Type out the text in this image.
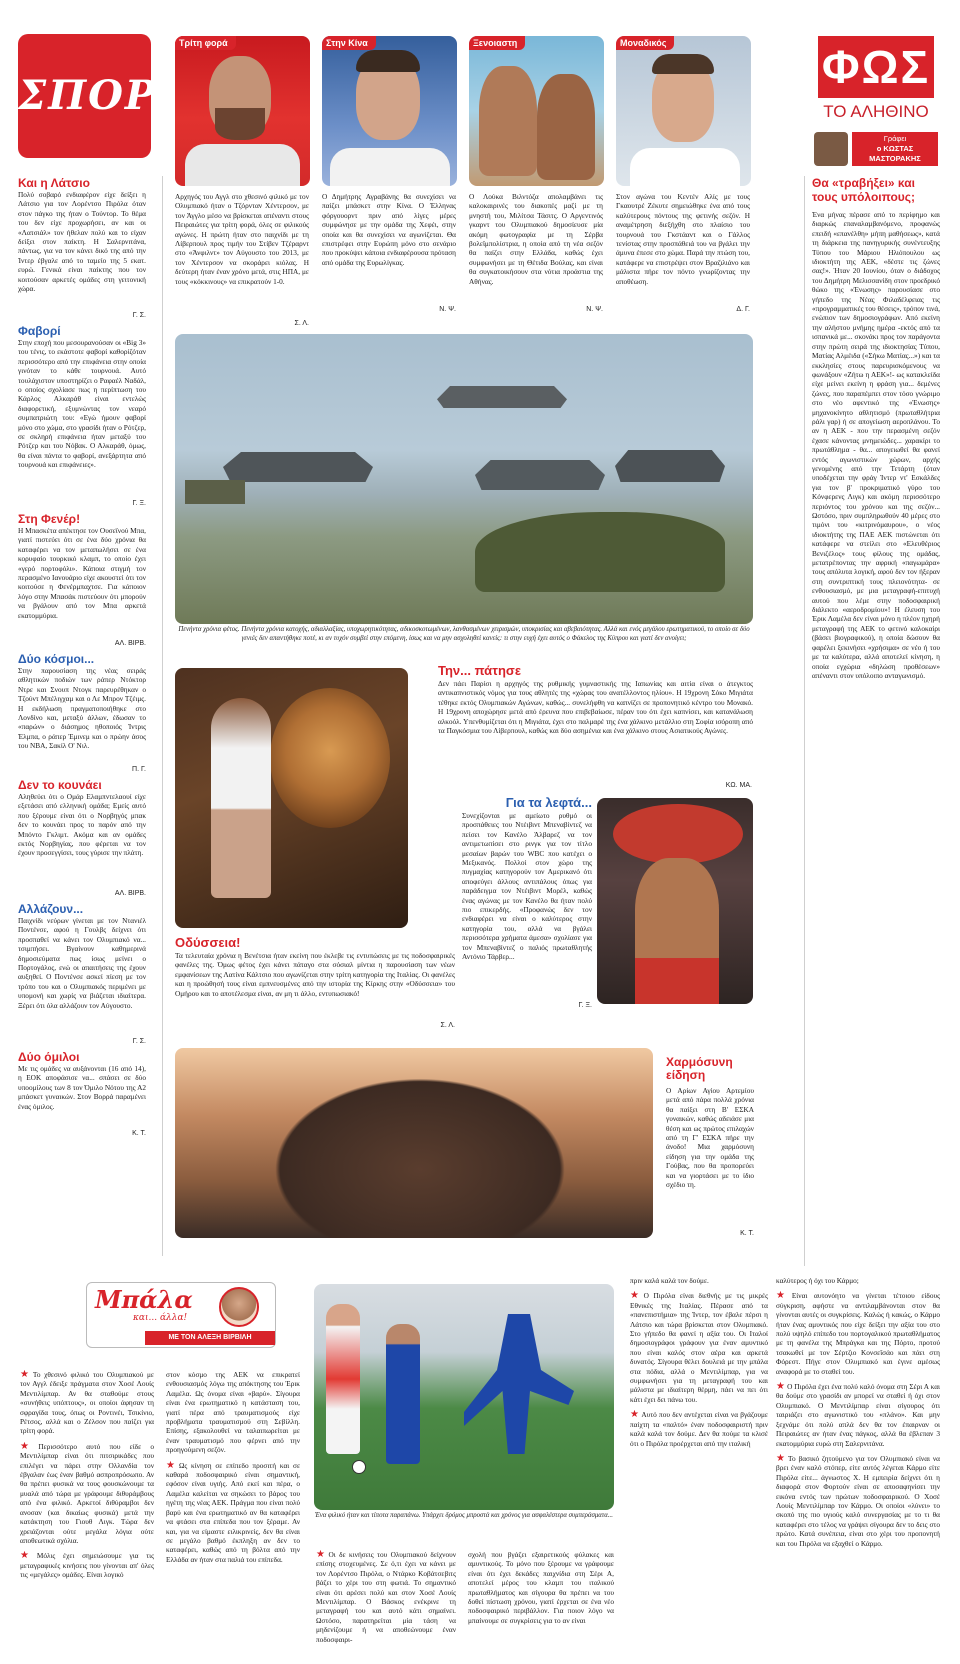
ΣΠΟΡ
Και η Λάτσιο
Πολύ σοβαρό ενδιαφέρον είχε δείξει η Λάτσιο για τον Λορέντσο Πιρόλα όταν στον πάγκο της ήταν ο Τούντορ. Το θέμα του δεν είχε προχωρήσει, αν και οι «Λατσιάλ» τον ήθελαν πολύ και το είχαν δείξει στον παίκτη. Η Σαλερνιτάνα, πάντως, για να τον κάνει δικό της από την Ίντερ έβγαλε από το ταμείο της 5 εκατ. ευρώ. Γενικά είναι παίκτης που τον κοιτούσαν αρκετές ομάδες στη γειτονική χώρα.
Γ. Σ.
Φαβορί
Στην εποχή που μεσουρανούσαν οι «Big 3» του τένις, το εκάστοτε φαβορί καθορίζόταν περισσότερο από την επιφάνεια στην οποία γινόταν το κάθε τουρνουά. Αυτό τουλάχιστον υποστηρίζει ο Ραφαέλ Ναδάλ, ο οποίος σχολίασε πως η περίπτωση του Κάρλος Αλκαράθ είναι εντελώς διαφορετική, εξυμνώντας τον νεαρό συμπατριώτη του: «Εγώ ήμουν φαβορί μόνο στο χώμα, στο γρασίδι ήταν ο Ρότζερ, σε σκληρή επιφάνεια ήταν μεταξύ του Ρότζερ και του Νόβακ. Ο Αλκαράθ, όμως, θα είναι πάντα το φαβορί, ανεξάρτητα από τουρνουά και επιφάνειες».
Γ. Ξ.
Στη Φενέρ!
Η Μπασκέτα απέκτησε τον Ουσεϊνού Μπα, γιατί πιστεύει ότι σε ένα δύο χρόνια θα καταφέρει να τον μεταπωλήσει σε ένα κορυφαίο τουρκικό κλαμπ, το οποίο έχει «γερό πορτοφόλι». Κάποια στιγμή τον περασμένο Ιανουάριο είχε ακουστεί ότι τον κοιτούσε η Φενέρμπαχτσε. Για κάποιον λόγο στην Μπασάκ πιστεύουν ότι μπορούν να βγάλουν από τον Μπα αρκετά εκατομμύρια.
ΑΛ. ΒΙΡΒ.
Δύο κόσμοι...
Στην παρουσίαση της νέας σειράς αθλητικών ποδιών των ράπερ Ντόκτορ Ντρε και Σνουπ Ντογκ παρευρέθηκαν ο Τζούντ Μπέλιγχαμ και ο Λε Μπρον Τζέιμς. Η εκδήλωση πραγματοποιήθηκε στο Λονδίνο και, μεταξύ άλλων, έδωσαν το «παρών» ο διάσημος ηθοποιός Ίντρις Έλμπα, ο ράπερ Έμινεμ και ο πρώην άσος του NBA, Σακίλ Ο' Νιλ.
Π. Γ.
Δεν το κουνάει
Αληθεύει ότι ο Ομάρ Ελαμπντελαουί είχε εξετάσει από ελληνική ομάδα; Εμείς αυτό που ξέρουμε είναι ότι ο Νορβηγός μπακ δεν το κουνάει προς το παρόν από την Μπόντο Γκλιμτ. Ακόμα και αν ομάδες εκτός Νορβηγίας, που φέρεται να τον έχουν προσεγγίσει, τους γύρισε την πλάτη.
ΑΛ. ΒΙΡΒ.
Αλλάζουν...
Παιχνίδι νεύρων γίνεται με τον Ντανιέλ Ποντένσε, αφού η Γουλβς δείχνει ότι προσπαθεί να κάνει τον Ολυμπιακό να... τσιμπήσει. Βγαίνουν καθημερινά δημοσιεύματα πως ίσως μείνει ο Πορτογάλος, ενώ οι απαιτήσεις της έχουν αυξηθεί. Ο Ποντένσε ασκεί πίεση με τον τρόπο του και ο Ολυμπιακός περιμένει με υπομονή και χωρίς να βιάζεται ιδιαίτερα. Ξέρει ότι όλα αλλάζουν τον Αύγουστο.
Γ. Σ.
Δύο όμιλοι
Με τις ομάδες να αυξάνονται (16 από 14), η ΕΟΚ αποφάσισε να... σπάσει σε δύο υποομίλους των 8 τον Όμιλο Νότου της Α2 μπάσκετ γυναικών. Στον Βορρά παραμένει ένας όμιλος.
Κ. Τ.
Τρίτη φορά	Στην Κίνα	Ξενοιαστη	Μοναδικός
Αρχηγός του Αγγλ στο χθεσινό φιλικό με τον Ολυμπιακό ήταν ο Τζόρνταν Χέντερσον, με τον Άγγλο μέσο να βρίσκεται απέναντι στους Πειραιώτες για τρίτη φορά, όλες σε φιλικούς αγώνες. Η πρώτη ήταν στο παιχνίδι με τη Λίβερπουλ προς τιμήν του Στίβεν Τζέραρντ στο «Άνφιλντ» τον Αύγουστο του 2013, με τον Χέντερσον να σκοράρει κιόλας. Η δεύτερη ήταν έναν χρόνο μετά, στις ΗΠΑ, με τους «κόκκινους» να επικρατούν 1-0.
Σ. Λ.
Ο Δημήτρης Αγραβάνης θα συνεχίσει να παίζει μπάσκετ στην Κίνα. Ο Έλληνας φόργουορντ πριν από λίγες μέρες συμφώνησε με την ομάδα της Χεφέι, στην οποία και θα συνεχίσει να αγωνίζεται. Θα επιστρέφει στην Ευρώπη μόνο στο σενάριο που προκύψει κάποια ενδιαφέρουσα πρόταση από ομάδα της Ευρωλίγκας.
Ν. Ψ.
Ο Λούκα Βιλντόζα απολαμβάνει τις καλοκαιρινές του διακοπές μαζί με τη μνηστή του, Μιλίτσα Τάσιτς. Ο Αργεντινός γκαρντ του Ολυμπιακού δημοσίευσε μία ακόμη φωτογραφία με τη Σέρβα βολεϊμπολίστρια, η οποία από τη νέα σεζόν θα παίζει στην Ελλάδα, καθώς έχει συμφωνήσει με τη Θέτιδα Βούλας, και είναι θα συγκατοικήσουν στα νότια προάστια της Αθήνας.
Ν. Ψ.
Στον αγώνα του Κεντέν Αλίς με τους Γκαουτρέ Ζέκυτε σημειώθηκε ένα από τους καλύτερους πόντους της φετινής σεζόν. Η αναμέτρηση διεξήχθη στο πλαίσιο του τουρνουά του Γκστάαντ και ο Γάλλος τενίστας στην προσπάθειά του να βγάλει την άμυνα έπεσε στο χώμα. Παρά την πτώση του, κατάφερε να επιστρέψει στον Βραζιλιάνο και μάλιστα πήρε τον πόντο γνωρίζοντας την αποθέωση.
Δ. Γ.
Πενήντα χρόνια φέτος. Πενήντα χρόνια κατοχής, αδιαλλαξίας, υποχωρητικότητας, αδικοσκοτωμένων, λανθασμένων χειρισμών, υποκρισίας και αβεβαιότητας. Αλλά και ενός μεγάλου ερωτηματικού, το οποίο σε δύο γενιές δεν απαντήθηκε ποτέ, κι αν τυχόν συμβεί στην επόμενη, ίσως και να μην ασχοληθεί κανείς: τι στην ευχή έχει αυτός ο Φάκελος της Κύπρου και γιατί δεν ανοίγει;
Την... πάτησε
Δεν πάει Παρίσι η αρχηγός της ρυθμικής γυμναστικής της Ιαπωνίας και αιτία είναι ο άτεγκτος αντικαπνιστικός νόμος για τους αθλητές της «χώρας του ανατέλλοντος ηλίου». Η 19χρονη Σόκο Μιγιάτα τέθηκε εκτός Ολυμπιακών Αγώνων, καθώς... συνελήφθη να καπνίζει σε προπονητικό κέντρο του Μονακό. Η 19χρονη αποχώρησε μετά από έρευνα που επιβεβαίωσε, πέραν του ότι έχει καπνίσει, και κατανάλωση αλκοόλ. Υπενθυμίζεται ότι η Μιγιάτα, έχει στο παλμαρέ της ένα χάλκινο μετάλλιο στη Σοφία ισόροπη από τα Παγκόσμια του Λίβερπουλ, καθώς και δύο ασημένια και ένα χάλκινο στους Ασιατικούς Αγώνες.
ΚΩ. ΜΑ.
Για τα λεφτά...
Συνεχίζονται με αμείωτο ρυθμό οι προσπάθειες του Ντέιβιντ Μπεναβίντεζ να πείσει τον Κανέλο Άλβαρεζ να τον αντιμετωπίσει στο ρινγκ για τον τίτλο μεσαίων βαρών του WBC που κατέχει ο Μεξικανός. Πολλοί στον χώρο της πυγμαχίας κατηγορούν τον Αμερικανό ότι αποφεύγει άλλους αντιπάλους όπως για παράδειγμα τον Ντέιβιντ Μορέλ, καθώς ένας αγώνας με τον Κανέλο θα ήταν πολύ πιο επικερδής. «Προφανώς δεν τον ενδιαφέρει να είναι ο καλύτερος στην κατηγορία του, αλλά να βγάλει περισσότερα χρήματα άμεσα» σχολίασε για τον Μπεναβίντεζ ο παλιός πρωταθλητής Αντόνιο Τάρβερ...
Γ. Ξ.
Οδύσσεια!
Τα τελευταία χρόνια η Βενέτσια ήταν εκείνη που έκλεβε τις εντυπώσεις με τις ποδοσφαιρικές φανέλες της. Όμως φέτος έχει κάνει πάταγο στα σόσιαλ μίντια η παρουσίαση των νέων εμφανίσεων της Λατίνα Κάλτσιο που αγωνίζεται στην τρίτη κατηγορία της Ιταλίας. Οι φανέλες και η προώθησή τους είναι εμπνευσμένες από την ιστορία της Κίρκης στην «Οδύσσεια» του Ομήρου και το αποτέλεσμα είναι, αν μη τι άλλο, εντυπωσιακό!
Σ. Λ.
Χαρμόσυνη είδηση
Ο Αρίων Αγίου Αρτεμίου μετά από πάρα πολλά χρόνια θα παίξει στη Β' ΕΣΚΑ γυναικών, καθώς αδειάσε μια θέση και ως πρώτος επιλαχών από τη Γ' ΕΣΚΑ πήρε την άνοδο! Μια χαρμόσυνη είδηση για την ομάδα της Γούβας, που θα προπορεύει και να γιορτάσει με το ίδιο σχέδιο τη.
Κ. Τ.
ΦΩΣ
ΤΟ ΑΛΗΘΙΝΟ
Γράφει
ο ΚΩΣΤΑΣ
ΜΑΣΤΟΡΑΚΗΣ
Θα «τραβήξει» και τους υπόλοιπους;
Ένα μήνας πέρασε από το περίφημο και διαρκώς επαναλαμβανόμενο, προφανώς επειδή «επανέλθη» μήπη μαθήσεως», κατά τη διάρκεια της πανηγυρικής συνέντευξης Τύπου του Μάριου Ηλιόπουλου ως ιδιοκτήτη της ΑΕΚ, «δέστε τις ζώνες σας!». Ήταν 20 Ιουνίου, όταν ο διάδοχος του Δημήτρη Μελισσανίδη στον προεδρικό θώκο της «Ένωσης» παρουσίασε στο γήπεδο της Νέας Φιλαδέλφειας τις «προγραμματικές του θέσεις», τρόπον τινά, ενώπιον των δημοσιογράφων. Από εκείνη την αλήστου μνήμης ημέρα -εκτός από τα ισπανικά με... σκονάκι προς τον παράγοντα στην πρώτη σειρά της ιδιοκτησίας Τύπου, Ματίας Αλμέιδα («Σήκω Ματίας...») και τα εκκλησίες στους παρευρισκόμενους να φωνάξουν «Ζήτω η ΑΕΚ»!- ως κατακλείδα είχε μείνει εκείνη η φράση για... δεμένες ζώνες, που παραπέμπει στον τόσο γνώριμο στο νέο αφεντικό της «Ένωσης» μηχανοκίνητο αθλητισμό (πρωταθλήτρια ράλι γαρ) ή σε απογείωση αεροπλάνου. Το αν η ΑΕΚ - που την περασμένη σεζόν έχασε κάνοντας μνημειώδες... χαρακίρι το πρωτάθλημα - θα... απογειωθεί θα φανεί εντός αγωνιστικών χώρων, αρχής γενομένης από την Τετάρτη (όταν υποδέχεται την φράγ Ίντερ ντ' Εσκάλδες για τον β' προκριματικό γύρο του Κόνφερενς Λιγκ) και ακόμη περισσότερο περιόντος του χρόνου και της σεζόν... Ωστόσο, πριν συμπληρωθούν 40 μέρες στο τιμόνι του «κιτρινόμαυρου», ο νέος ιδιοκτήτης της ΠΑΕ ΑΕΚ πιστώνεται ότι κατάφερε να στείλει στο «Ελευθέριος Βενιζέλος» τους φίλους της ομάδας, μετατρέποντας την αφρική «παγωμάρα» τους απόλυτα λογική, αφού δεν τον ήξεραν στη συντριπτική τους πλειονότητα- σε ενθουσιασμό, με μια μεταγραφή-επιτυχή αυτού που λέμε στην ποδοσφαιρική διάλεκτο «αεροδρομίου»! Η έλευση του Έρικ Λαμέλα δεν είναι μόνο η πλέον ηχηρή μεταγραφή της ΑΕΚ το φετινό καλοκαίρι (βάσει βιογραφικού), η οποία δώσουν θα φαρέλει ξεκινήσει «χρήσιμα» σε νέο ή του με τα καλύτερα, αλλά αποτελεί κίνηση, η οποία εγχώρια «δηλώση προθέσεων» απέναντι στον υπόλοιπο ανταγωνισμό.
Μπάλα
και... άλλα!
ΜΕ ΤΟΝ ΑΛΕΞΗ ΒΙΡΒΙΛΗ
Ένα φιλικό ήταν και τίποτα παραπάνω. Υπάρχει δρόμος μπροστά και χρόνος για ασφαλέστερα συμπεράσματα...
★ Το χθεσινό φιλικό του Ολυμπιακού με τον Αγγλ έδειξε πράγματα στον Χοσέ Λουίς Μεντιλίμπαρ. Αν θα σταθούμε στους «συνήθεις υπόπτους», οι οποίοι άφησαν τη σφραγίδα τους, όπως οι Ροντινέι, Τσικίνιο, Ρέτσος, αλλά και ο Ζέλσον που παίζει για τρίτη φορά.
★ Περισσότερο αυτό που είδε ο Μεντιλίμπαρ είναι ότι πιτσιρικάδες που επιλέγει να πάρει στην Ολλανδία τον έβγαλαν έως έναν βαθμό ασπροπρόσωπο. Αν θα πρέπει φυσικά να τους φουσκώνουμε τα μυαλά από τώρα με γράφουμε διθυράμβους από ένα φιλικό. Αρκετοί διθύραμβοι δεν ανοσαν (και δικαίως φυσικά) μετά την κατάκτηση του Γιουθ Λιγκ. Τώρα δεν χρειάζονται ούτε μεγάλα λόγια ούτε αποθεωτικά σχόλια.
★ Μόλις έχει σημειώσουμε για τις μεταγραφικές κινήσεις που γίνονται απ' όλες τις «μεγάλες» ομάδες. Είναι λογικό
στον κόσμο της ΑΕΚ να επικρατεί ενθουσιασμός λόγω της απόκτησης του Έρικ Λαμέλα. Ως όνομα είναι «βαρύ». Σίγουρα είναι ένα ερωτηματικό η κατάσταση του, γιατί πέρα από τραυματισμούς είχε προβλήματα τραυματισμού στη Σεβίλλη. Επίσης, εξακολουθεί να ταλαιπωρείται με έναν τραυματισμό που φέρνει από την προηγούμενη σεζόν.
★ Ως κίνηση σε επίπεδο προσιτή και σε καθαρά ποδοσφαιρικό είναι σημαντική, εφόσον είναι υγιής. Από εκεί και πέρα, ο Λαμέλα καλείται να σηκώσει το βάρος του ηγέτη της νέας ΑΕΚ. Πράγμα που είναι πολύ βαρύ και ένα ερωτηματικό αν θα καταφέρει να φτάσει στα επίπεδα που τον ξέραμε. Αν και, για να είμαστε ειλικρινείς, δεν θα είναι σε μεγάλο βαθμό έκπληξη αν δεν το καταφέρει, καθώς από τη βόλτα από την Ελλάδα αν ήταν στα παλιά του επίπεδα.	★ Οι δε κινήσεις του Ολυμπιακού δείχνουν επίσης στοχευμένες. Σε ό,τι έχει να κάνει με τον Λορέντσο Πιρόλα, ο Ντάρκο Κοβάτσεβιτς βάζει το χέρι του στη φωτιά. Το σημαντικό είναι ότι αρέσει πολύ και στον Χοσέ Λουίς Μεντιλίμπαρ. Ο Βάσκος ενέκρινε τη μεταγραφή του και αυτό κάτι σημαίνει. Ωστόσο, παρατηρείται μία τάση να μηδενίζουμε ή να αποθεώνουμε έναν ποδοσφαιρι-
σχολή που βγάζει εξαιρετικούς φύλακες και αμυντικούς. Το μόνο που ξέρουμε να γράφουμε είναι ότι έχει δεκάδες παιχνίδια στη Σέρι Α, αποτελεί μέρος του κλαμπ του ιταλικού πρωταθλήματος και σίγουρα θα πρέπει να του δοθεί πίστωση χρόνου, γιατί έρχεται σε ένα νέο ποδοσφαιρικό περιβάλλον. Για ποιον λόγο να μπαίνουμε σε συγκρίσεις για το αν είναι
πριν καλά καλά τον δούμε.
★ Ο Πιρόλα είναι διεθνής με τις μικρές Εθνικές της Ιταλίας. Πέρασε από τα «πανεπιστήμια» της Ίντερ, τον έβαλε πέρσι η Λάτσιο και τώρα βρίσκεται στον Ολυμπιακό. Στο γήπεδο θα φανεί η αξία του. Οι Ιταλοί δημοσιογράφοι γράφουν για έναν αμυντικό που είναι καλός στον αέρα και αρκετά δυνατός. Σίγουρα θέλει δουλειά με την μπάλα στα πόδια, αλλά ο Μεντιλίμπαρ, για να συμφωνήσει για τη μεταγραφή του και μάλιστα με ιδιαίτερη θέρμη, πάει να πει ότι κάτι έχει δει πάνω του.
★ Αυτό που δεν αντέχεται είναι να βγάζουμε παίχτη τα «παλτό» έναν ποδοσφαιριστή πριν καλά καλά τον δούμε. Δεν θα πούμε τα κλισέ ότι ο Πιρόλα προέρχεται από την ιταλική
καλύτερος ή όχι του Κάρμο;
★ Είναι αυτονόητο να γίνεται τέτοιου είδους σύγκριση, αφήστε να αντιλαμβάνονται στον θα γίνονται αυτές οι συγκρίσεις. Καλώς ή κακώς, ο Κάρμο ήταν ένας αμυντικός που είχε δείξει την αξία του στο πολύ υψηλό επίπεδο του πορτογαλικού πρωταθλήματος με τη φανέλα της Μπράγκα και της Πόρτο, προτού τσακωθεί με τον Σέρτζιο Κονσεΐσάο και πάει στη Φόρεστ. Πήγε στον Ολυμπιακό και έγινε αμέσως αναφορά με το σταθεί του.
★ Ο Πιρόλα έχει ένα πολύ καλό όνομα στη Σέρι Α και θα δούμε στο γρασίδι αν μπορεί να σταθεί ή όχι στον Ολυμπιακό. Ο Μεντιλίμπαρ είναι σίγουρος ότι ταιριάζει στο αγωνιστικό του «πλάνο». Και μην ξεχνάμε ότι πολύ απλά δεν θα τον έπαιρναν οι Πειραιώτες αν ήταν ένας πάγκος, αλλά θα έβλεπαν 3 εκατομμύρια ευρώ στη Σαλερνιτάνα.
★ Το βασικό ζητούμενο για τον Ολυμπιακό είναι να βρει έναν καλό στόπερ, είτε αυτός λέγεται Κάρμο είτε Πιρόλα είτε... άγνωστος Χ. Η εμπειρία δείχνει ότι η διαφορά στον Φορτούν είναι σε αποσαφηνίσει την εικόνα εντός των πρώτων ποδοσφαιρικού. Ο Χοσέ Λουίς Μεντιλίμπαρ τον Κάρμο. Οι οποίοι «λύνει» το σκοπό της πιο υγιούς καλό συνεργασίας με το τι θα καταφέρει στο τέλος να γράψει σίγουρα δεν το δεις στο πρώτο. Κατά συνέπεια, είναι στο χέρι του προπονητή και του Πιρόλα να εξαχθεί ο Κάρμο.
